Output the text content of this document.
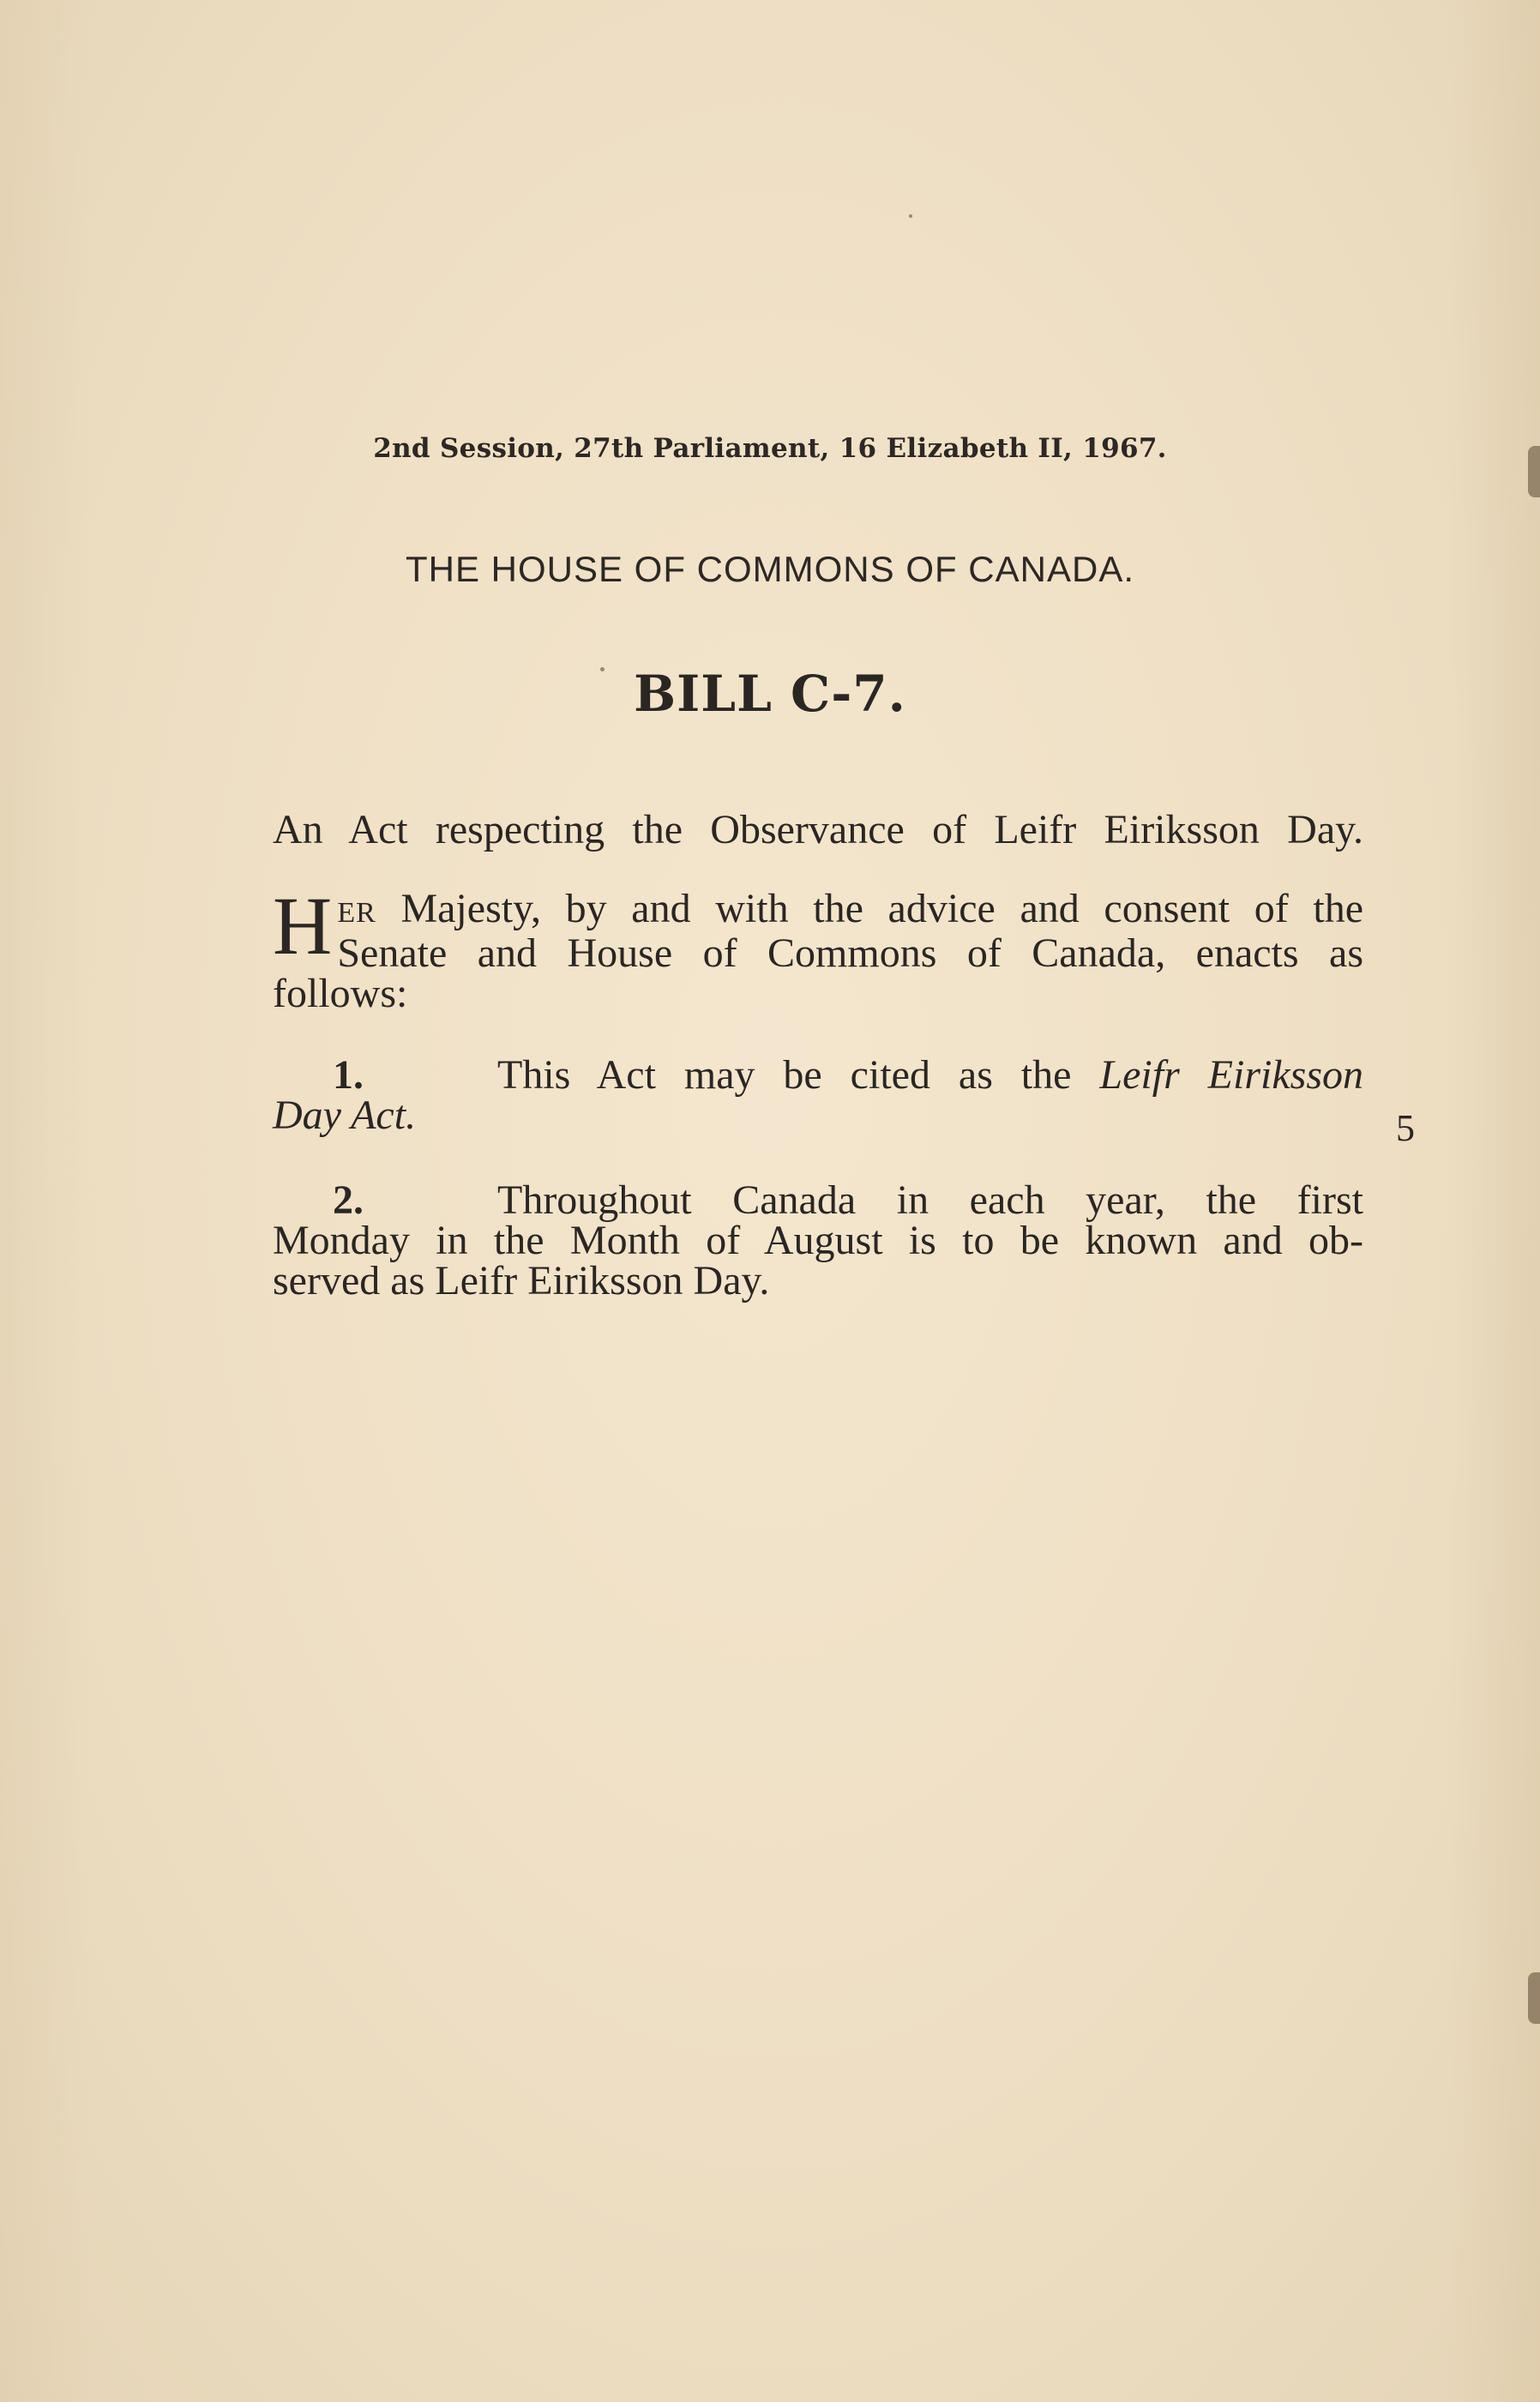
2nd Session, 27th Parliament, 16 Elizabeth II, 1967.
THE HOUSE OF COMMONS OF CANADA.
BILL C-7.
An Act respecting the Observance of Leifr Eiriksson Day.
H ER Majesty, by and with the advice and consent of the
Senate and House of Commons of Canada, enacts as
follows:
1.	This Act may be cited as the Leifr Eiriksson
Day Act.	5
2.	Throughout Canada in each year, the first
Monday in the Month of August is to be known and ob-
served as Leifr Eiriksson Day.
